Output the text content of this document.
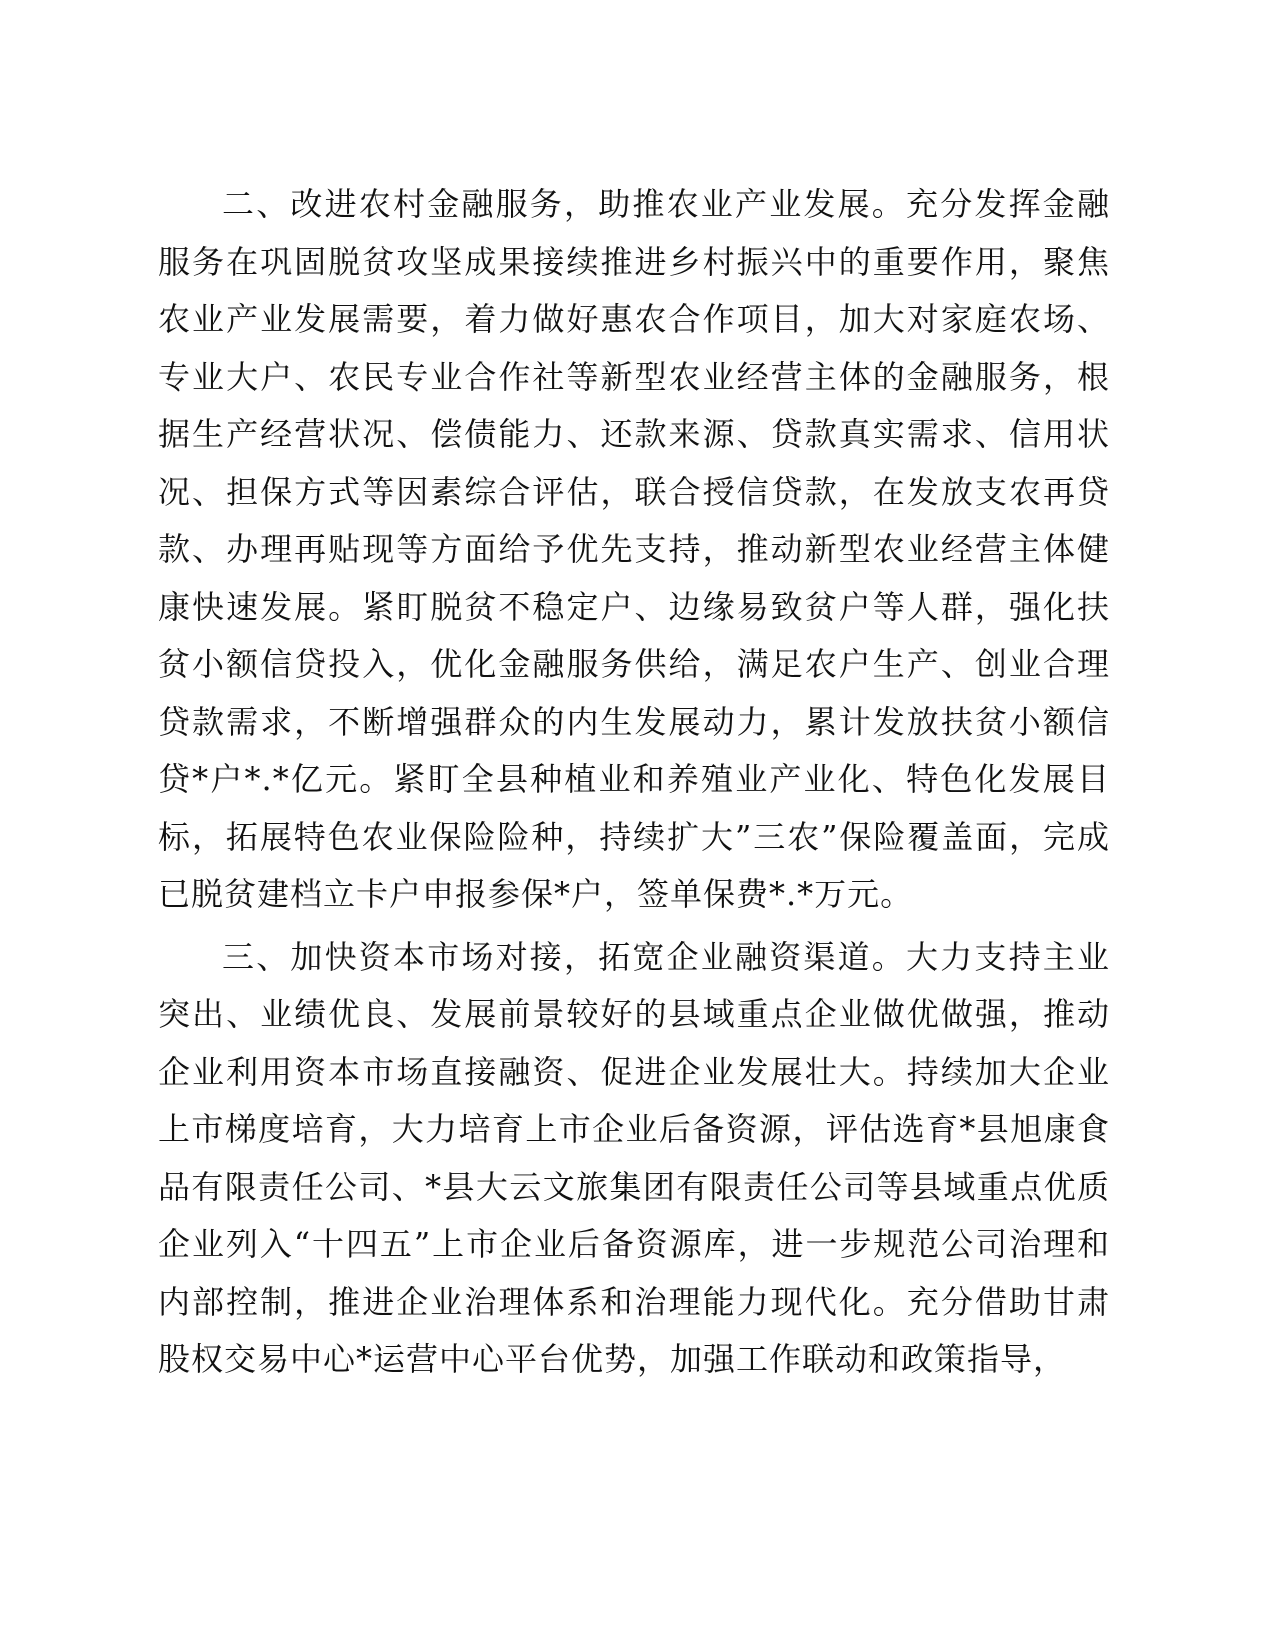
二、改进农村金融服务，助推农业产业发展。充分发挥金融服务在巩固脱贫攻坚成果接续推进乡村振兴中的重要作用，聚焦农业产业发展需要，着力做好惠农合作项目，加大对家庭农场、专业大户、农民专业合作社等新型农业经营主体的金融服务，根据生产经营状况、偿债能力、还款来源、贷款真实需求、信用状况、担保方式等因素综合评估，联合授信贷款，在发放支农再贷款、办理再贴现等方面给予优先支持，推动新型农业经营主体健康快速发展。紧盯脱贫不稳定户、边缘易致贫户等人群，强化扶贫小额信贷投入，优化金融服务供给，满足农户生产、创业合理贷款需求，不断增强群众的内生发展动力，累计发放扶贫小额信贷*户*.*亿元。紧盯全县种植业和养殖业产业化、特色化发展目标，拓展特色农业保险险种，持续扩大”三农”保险覆盖面，完成已脱贫建档立卡户申报参保*户，签单保费*.*万元。

三、加快资本市场对接，拓宽企业融资渠道。大力支持主业突出、业绩优良、发展前景较好的县域重点企业做优做强，推动企业利用资本市场直接融资、促进企业发展壮大。持续加大企业上市梯度培育，大力培育上市企业后备资源，评估选育*县旭康食品有限责任公司、*县大云文旅集团有限责任公司等县域重点优质企业列入“十四五”上市企业后备资源库，进一步规范公司治理和内部控制，推进企业治理体系和治理能力现代化。充分借助甘肃股权交易中心*运营中心平台优势，加强工作联动和政策指导，
